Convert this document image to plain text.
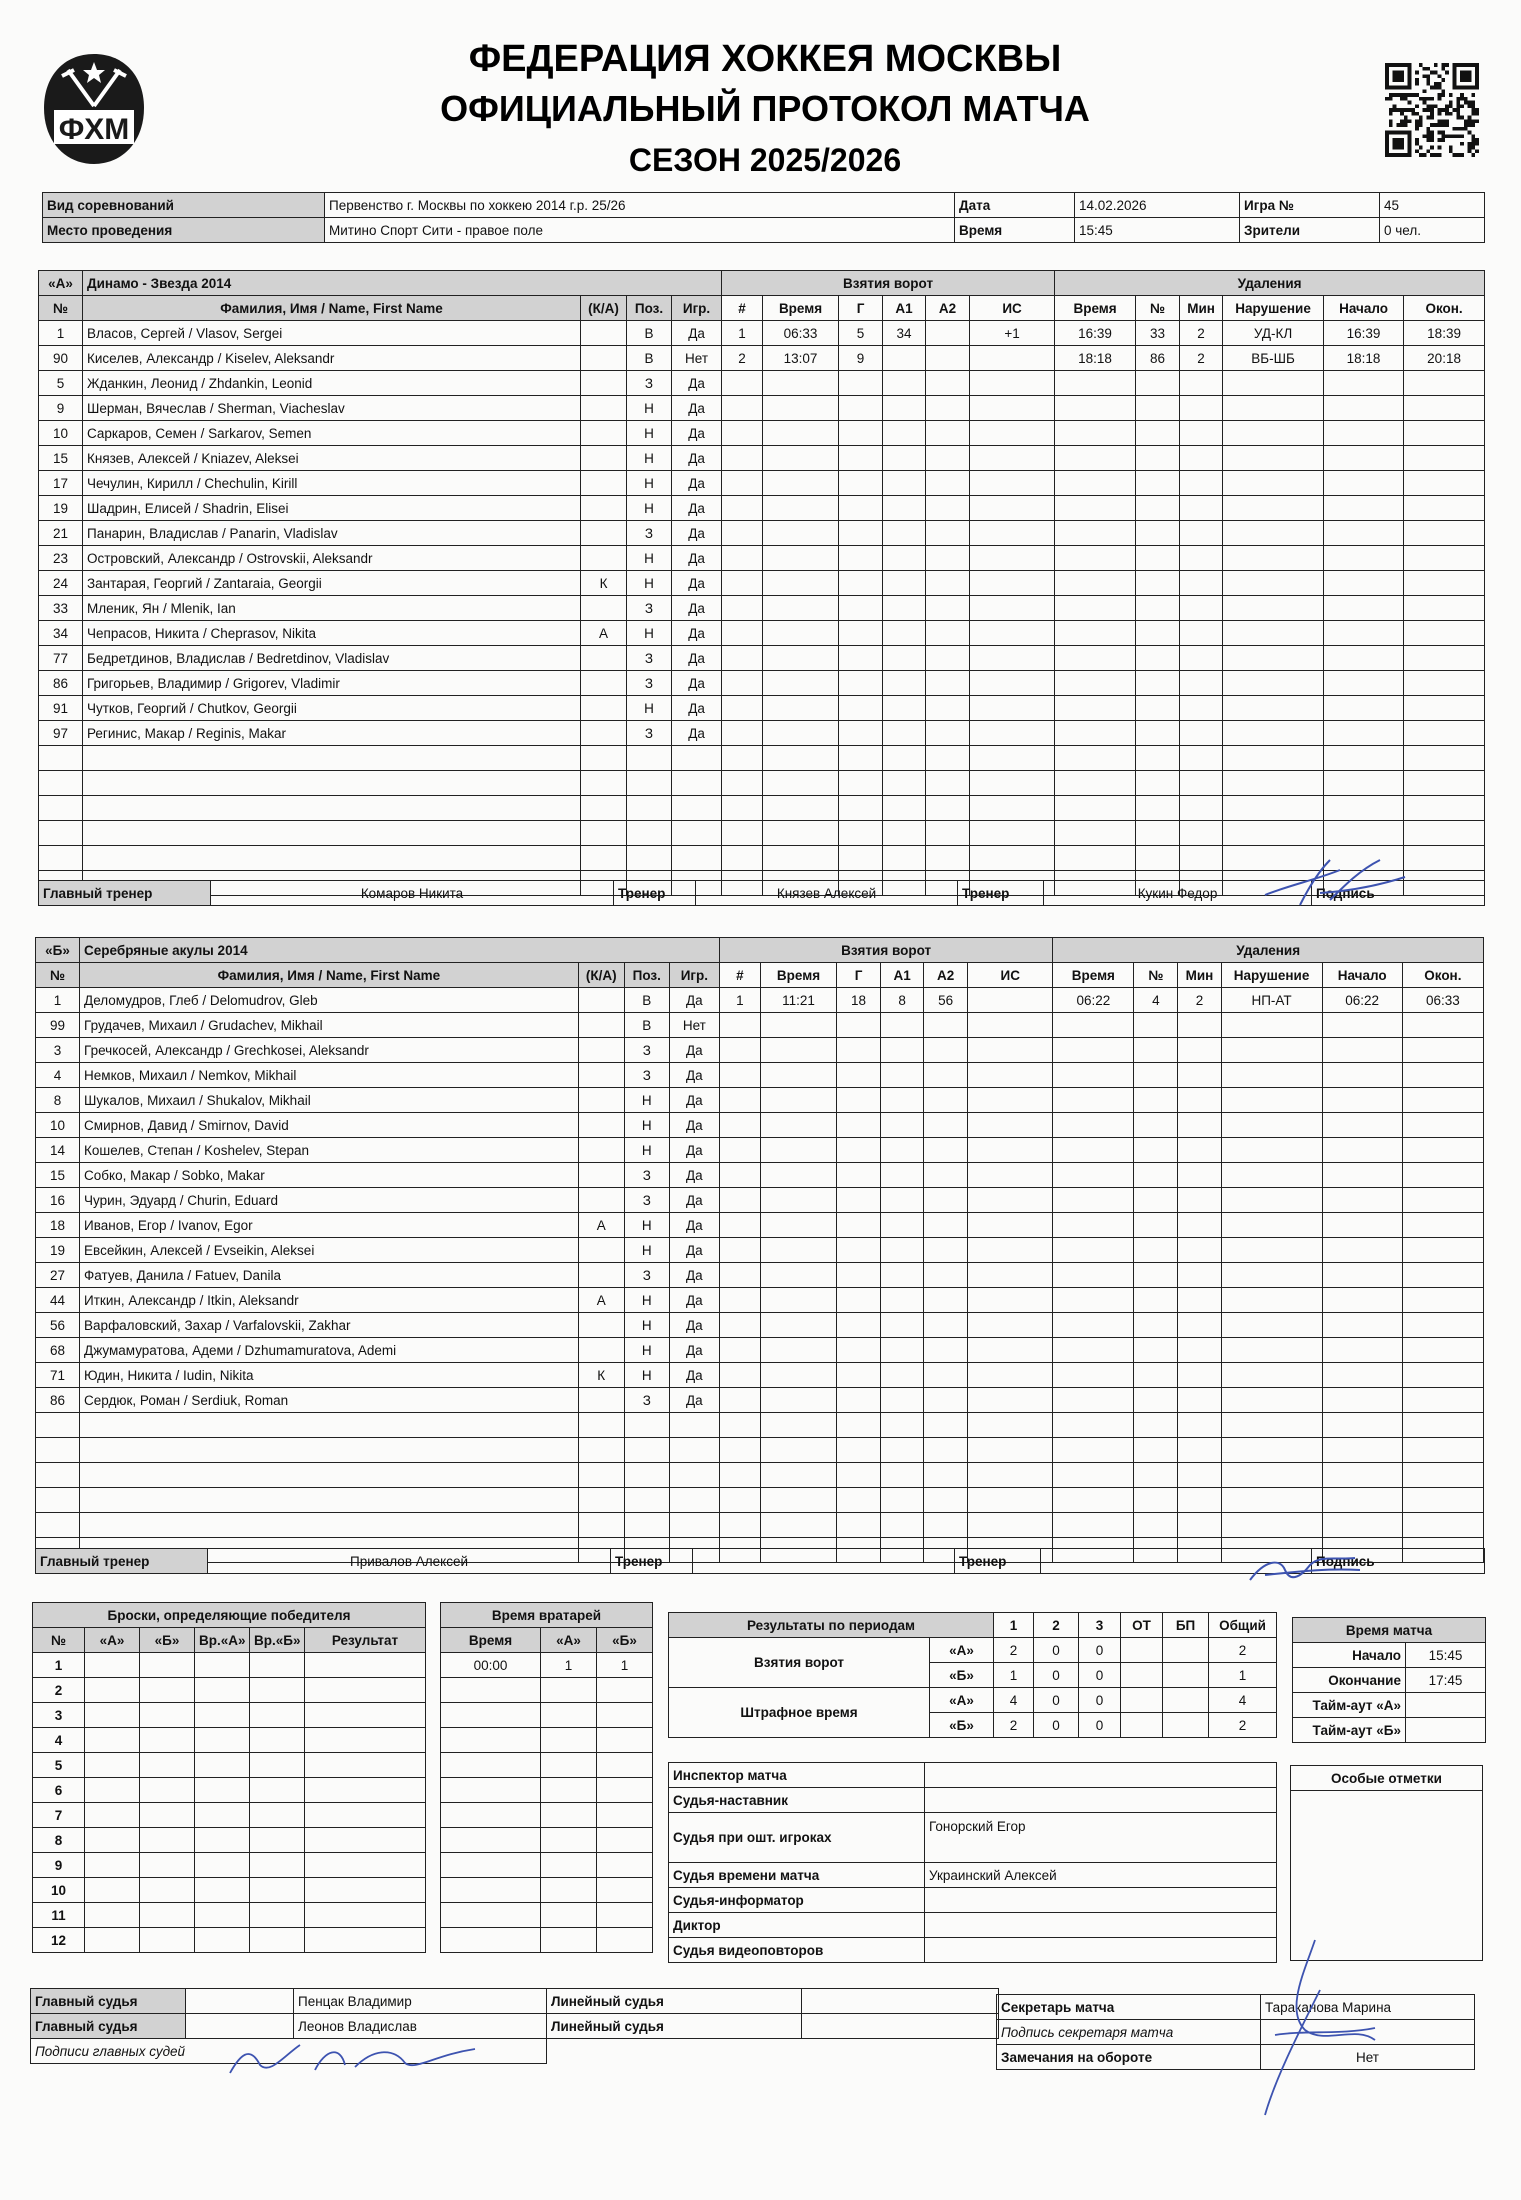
ФХМ
ФЕДЕРАЦИЯ ХОККЕЯ МОСКВЫ
ОФИЦИАЛЬНЫЙ ПРОТОКОЛ МАТЧА
СЕЗОН 2025/2026
Вид соревнований	Первенство г. Москвы по хоккею 2014 г.р. 25/26	Дата	14.02.2026	Игра №	45
Место проведения	Митино Спорт Сити - правое поле	Время	15:45	Зрители	0 чел.
«А»	Динамо - Звезда 2014				Взятия ворот						Удаления					
№	Фамилия, Имя / Name, First Name	(К/А)	Поз.	Игр.	#	Время	Г	А1	А2	ИС	Время	№	Мин	Нарушение	Начало	Окон.
1	Власов, Сергей / Vlasov, Sergei		В	Да	1	06:33	5	34		+1	16:39	33	2	УД-КЛ	16:39	18:39
90	Киселев, Александр / Kiselev, Aleksandr		В	Нет	2	13:07	9				18:18	86	2	ВБ-ШБ	18:18	20:18
5	Жданкин, Леонид / Zhdankin, Leonid		З	Да												
9	Шерман, Вячеслав / Sherman, Viacheslav		Н	Да												
10	Саркаров, Семен / Sarkarov, Semen		Н	Да												
15	Князев, Алексей / Kniazev, Aleksei		Н	Да												
17	Чечулин, Кирилл / Chechulin, Kirill		Н	Да												
19	Шадрин, Елисей / Shadrin, Elisei		Н	Да												
21	Панарин, Владислав / Panarin, Vladislav		З	Да												
23	Островский, Александр / Ostrovskii, Aleksandr		Н	Да												
24	Зантарая, Георгий / Zantaraia, Georgii	К	Н	Да												
33	Мленик, Ян / Mlenik, Ian		З	Да												
34	Чепрасов, Никита / Cheprasov, Nikita	А	Н	Да												
77	Бедретдинов, Владислав / Bedretdinov, Vladislav		З	Да												
86	Григорьев, Владимир / Grigorev, Vladimir		З	Да												
91	Чутков, Георгий / Chutkov, Georgii		Н	Да												
97	Регинис, Макар / Reginis, Makar		З	Да												

Главный тренер	Комаров Никита	Тренер	Князев Алексей	Тренер	Кукин Федор	Подпись
«Б»	Серебряные акулы 2014				Взятия ворот						Удаления					
№	Фамилия, Имя / Name, First Name	(К/А)	Поз.	Игр.	#	Время	Г	А1	А2	ИС	Время	№	Мин	Нарушение	Начало	Окон.
1	Деломудров, Глеб / Delomudrov, Gleb		В	Да	1	11:21	18	8	56		06:22	4	2	НП-АТ	06:22	06:33
99	Грудачев, Михаил / Grudachev, Mikhail		В	Нет												
3	Гречкосей, Александр / Grechkosei, Aleksandr		З	Да												
4	Немков, Михаил / Nemkov, Mikhail		З	Да												
8	Шукалов, Михаил / Shukalov, Mikhail		Н	Да												
10	Смирнов, Давид / Smirnov, David		Н	Да												
14	Кошелев, Степан / Koshelev, Stepan		Н	Да												
15	Собко, Макар / Sobko, Makar		З	Да												
16	Чурин, Эдуард / Churin, Eduard		З	Да												
18	Иванов, Егор / Ivanov, Egor	А	Н	Да												
19	Евсейкин, Алексей / Evseikin, Aleksei		Н	Да												
27	Фатуев, Данила / Fatuev, Danila		З	Да												
44	Иткин, Александр / Itkin, Aleksandr	А	Н	Да												
56	Варфаловский, Захар / Varfalovskii, Zakhar		Н	Да												
68	Джумамуратова, Адеми / Dzhumamuratova, Ademi		Н	Да												
71	Юдин, Никита / Iudin, Nikita	К	Н	Да												
86	Сердюк, Роман / Serdiuk, Roman		З	Да												

Главный тренер	Привалов Алексей	Тренер		Тренер		Подпись
Броски, определяющие победителя					
№	«А»	«Б»	Вр.«А»	Вр.«Б»	Результат
1					
2					
3					
4					
5					
6					
7					
8					
9					
10					
11					
12					
Время вратарей		
Время	«А»	«Б»
00:00	1	1

Результаты по периодам		1	2	3	ОТ	БП	Общий
Взятия ворот	«А»	2	0	0			2
	«Б»	1	0	0			1
Штрафное время	«А»	4	0	0			4
	«Б»	2	0	0			2
Время матча	
Начало	15:45
Окончание	17:45
Тайм-аут «А»	
Тайм-аут «Б»	
Инспектор матча	
Судья-наставник	
Судья при ошт. игроках	Гонорский Егор
Судья времени матча	Украинский Алексей
Судья-информатор	
Диктор	
Судья видеоповторов	
Особые отметки

Главный судья		Пенцак Владимир	Линейный судья	
Главный судья		Леонов Владислав	Линейный судья	
Подписи главных судей				
Секретарь матча	Тараканова Марина
Подпись секретаря матча	
Замечания на обороте	Нет
